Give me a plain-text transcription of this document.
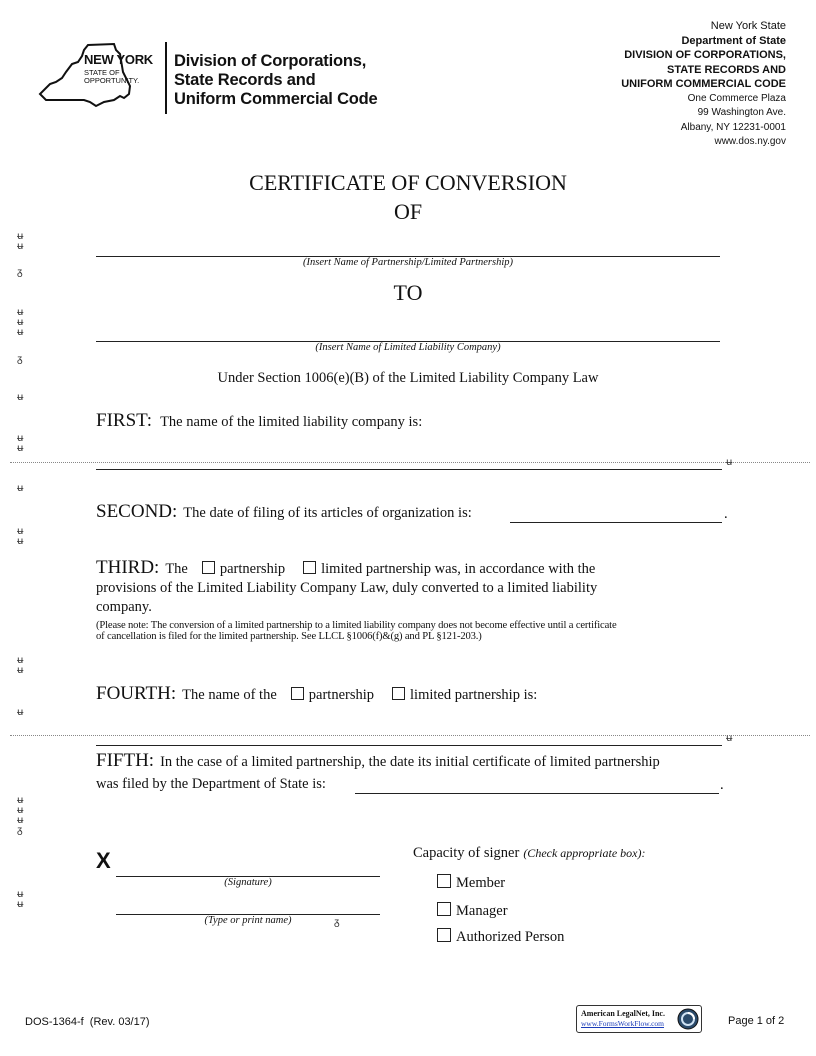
NEW YORK
STATE OF
OPPORTUNITY.
Division of Corporations,
State Records and
Uniform Commercial Code
New York State
Department of State
DIVISION OF CORPORATIONS,
STATE RECORDS AND
UNIFORM COMMERCIAL CODE
One Commerce Plaza
99 Washington Ave.
Albany, NY 12231-0001
www.dos.ny.gov
CERTIFICATE OF CONVERSION
OF
(Insert Name of Partnership/Limited Partnership)
TO
(Insert Name of Limited Liability Company)
Under Section 1006(e)(B) of the Limited Liability Company Law
FIRST: The name of the limited liability company is:
SECOND: The date of filing of its articles of organization is:	.
THIRD: The partnership limited partnership was, in accordance with the
provisions of the Limited Liability Company Law, duly converted to a limited liability
company.
(Please note: The conversion of a limited partnership to a limited liability company does not become effective until a certificate
of cancellation is filed for the limited partnership. See LLCL §1006(f)&(g) and PL §121-203.)
FOURTH: The name of the partnership limited partnership is:
FIFTH: In the case of a limited partnership, the date its initial certificate of limited partnership
was filed by the Department of State is:	.
X
(Signature)
(Type or print name)
Capacity of signer (Check appropriate box):
Member
Manager
Authorized Person
DOS-1364-f  (Rev. 03/17)
American LegalNet, Inc.
www.FormsWorkFlow.com	Page 1 of 2
ʉ
ʉ
ᵹ
ʉ
ʉ
ʉ
ᵹ
ʉ
ʉ
ʉ
ʉ
ʉ
ʉ
ʉ
ʉ
ʉ
ʉ
ʉ
ʉ
ᵹ
ʉ
ʉ
ʉ
ʉ
ᵹ
